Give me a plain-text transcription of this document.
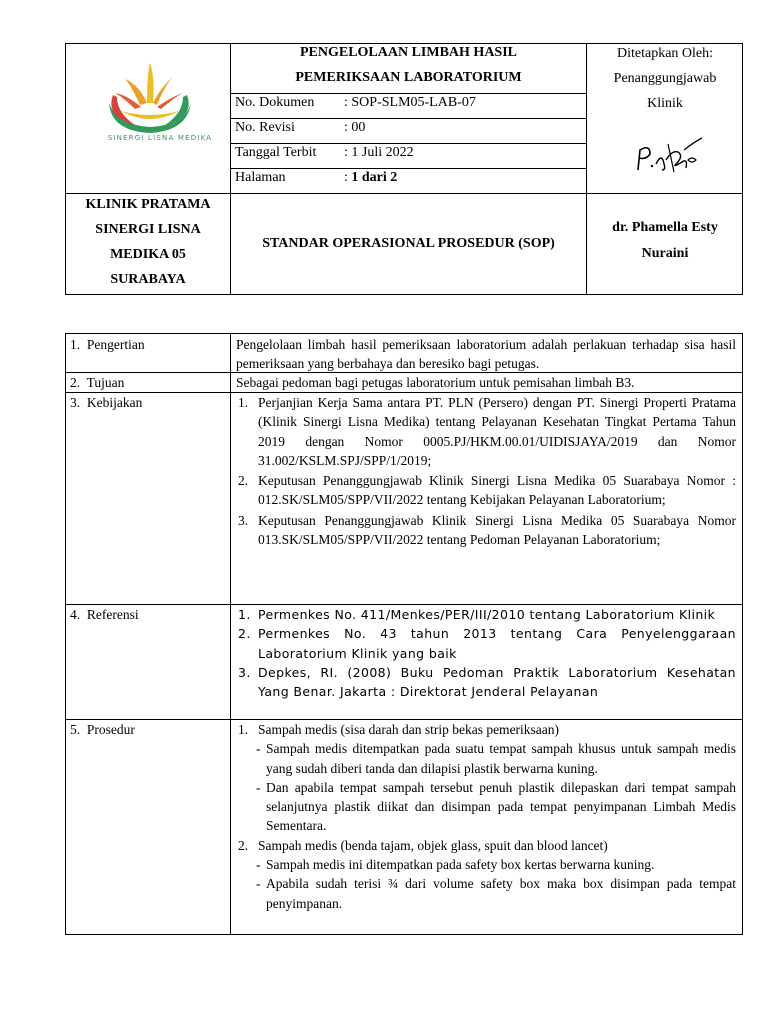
SINERGI LISNA MEDIKA
PENGELOLAAN LIMBAH HASIL
PEMERIKSAAN LABORATORIUM
No. Dokumen : SOP-SLM05-LAB-07
No. Revisi	: 00
Tanggal Terbit : 1 Juli 2022
Halaman	: 1 dari 2
Ditetapkan Oleh:
Penanggungjawab
Klinik
KLINIK PRATAMA
SINERGI LISNA
MEDIKA 05
SURABAYA
STANDAR OPERASIONAL PROSEDUR (SOP)
dr. Phamella Esty
Nuraini
1.  Pengertian
2.  Tujuan
3.  Kebijakan
4.  Referensi
5.  Prosedur
Pengelolaan limbah hasil pemeriksaan laboratorium adalah perlakuan terhadap sisa hasil pemeriksaan yang berbahaya dan beresiko bagi petugas.
Sebagai pedoman bagi petugas laboratorium untuk pemisahan limbah B3.
1. Perjanjian Kerja Sama antara PT. PLN (Persero) dengan PT. Sinergi Properti Pratama (Klinik Sinergi Lisna Medika) tentang Pelayanan Kesehatan Tingkat Pertama Tahun 2019 dengan Nomor 0005.PJ/HKM.00.01/UIDISJAYA/2019 dan Nomor 31.002/KSLM.SPJ/SPP/1/2019;
2. Keputusan Penanggungjawab Klinik Sinergi Lisna Medika 05 Suarabaya Nomor : 012.SK/SLM05/SPP/VII/2022 tentang Kebijakan Pelayanan Laboratorium;
3. Keputusan Penanggungjawab Klinik Sinergi Lisna Medika 05 Suarabaya Nomor 013.SK/SLM05/SPP/VII/2022 tentang Pedoman Pelayanan Laboratorium;
1. Permenkes No. 411/Menkes/PER/III/2010 tentang Laboratorium Klinik
2. Permenkes No. 43 tahun 2013 tentang Cara Penyelenggaraan Laboratorium Klinik yang baik
3. Depkes, RI. (2008) Buku Pedoman Praktik Laboratorium Kesehatan Yang Benar. Jakarta : Direktorat Jenderal Pelayanan
1. Sampah medis (sisa darah dan strip bekas pemeriksaan)
- Sampah medis ditempatkan pada suatu tempat sampah khusus untuk sampah medis yang sudah diberi tanda dan dilapisi plastik berwarna kuning.
- Dan apabila tempat sampah tersebut penuh plastik dilepaskan dari tempat sampah selanjutnya plastik diikat dan disimpan pada tempat penyimpanan Limbah Medis Sementara.
2. Sampah medis (benda tajam, objek glass, spuit dan blood lancet)
- Sampah medis ini ditempatkan pada safety box kertas berwarna kuning.
- Apabila sudah terisi ¾ dari volume safety box maka box disimpan pada tempat penyimpanan.
